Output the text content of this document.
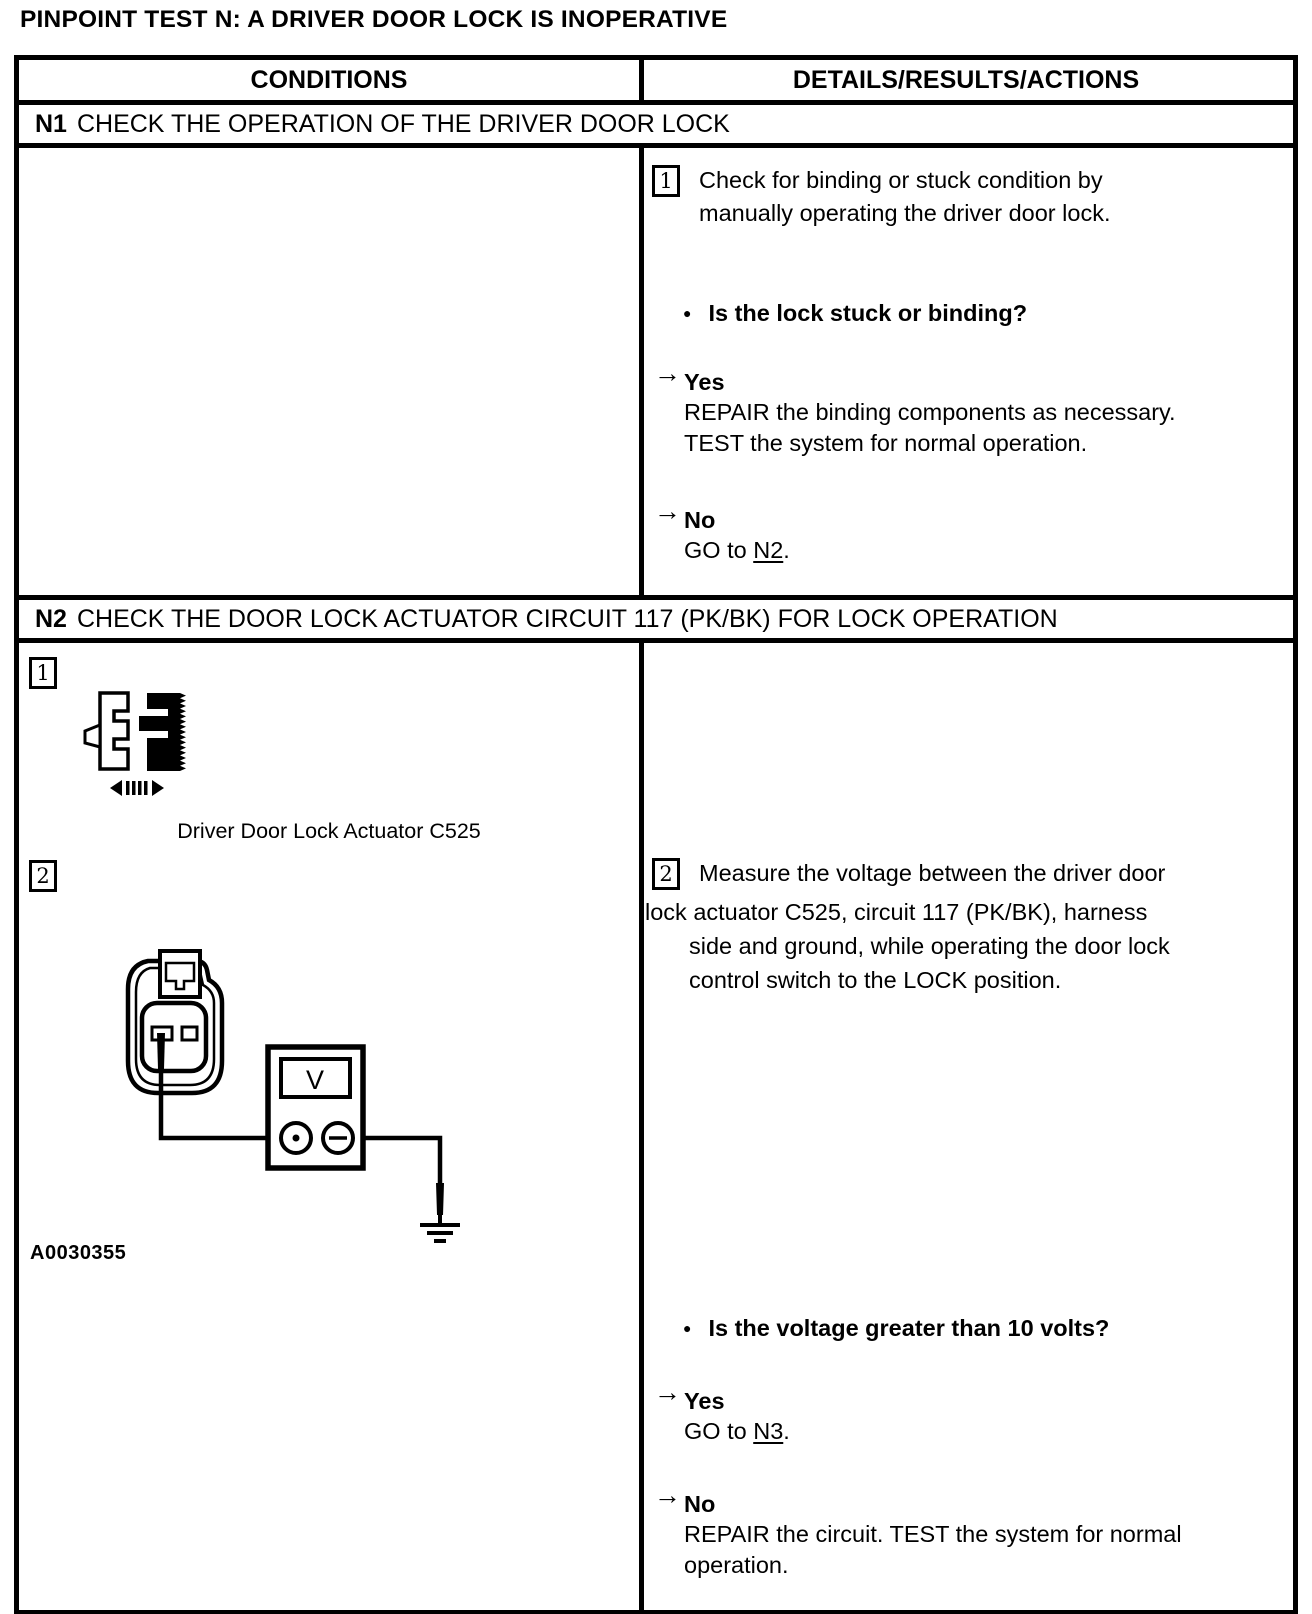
PINPOINT TEST N: A DRIVER DOOR LOCK IS INOPERATIVE
CONDITIONS	DETAILS/RESULTS/ACTIONS
N1 CHECK THE OPERATION OF THE DRIVER DOOR LOCK
1	Check for binding or stuck condition by manually operating the driver door lock.
● Is the lock stuck or binding?
→ Yes
REPAIR the binding components as necessary. TEST the system for normal operation.
→ No
GO to N2.
N2 CHECK THE DOOR LOCK ACTUATOR CIRCUIT 117 (PK/BK) FOR LOCK OPERATION
1
Driver Door Lock Actuator C525
2
V
A0030355
2	Measure the voltage between the driver door
lock actuator C525, circuit 117 (PK/BK), harness
side and ground, while operating the door lock
control switch to the LOCK position.
● Is the voltage greater than 10 volts?
→ Yes
GO to N3.
→ No
REPAIR the circuit. TEST the system for normal operation.
